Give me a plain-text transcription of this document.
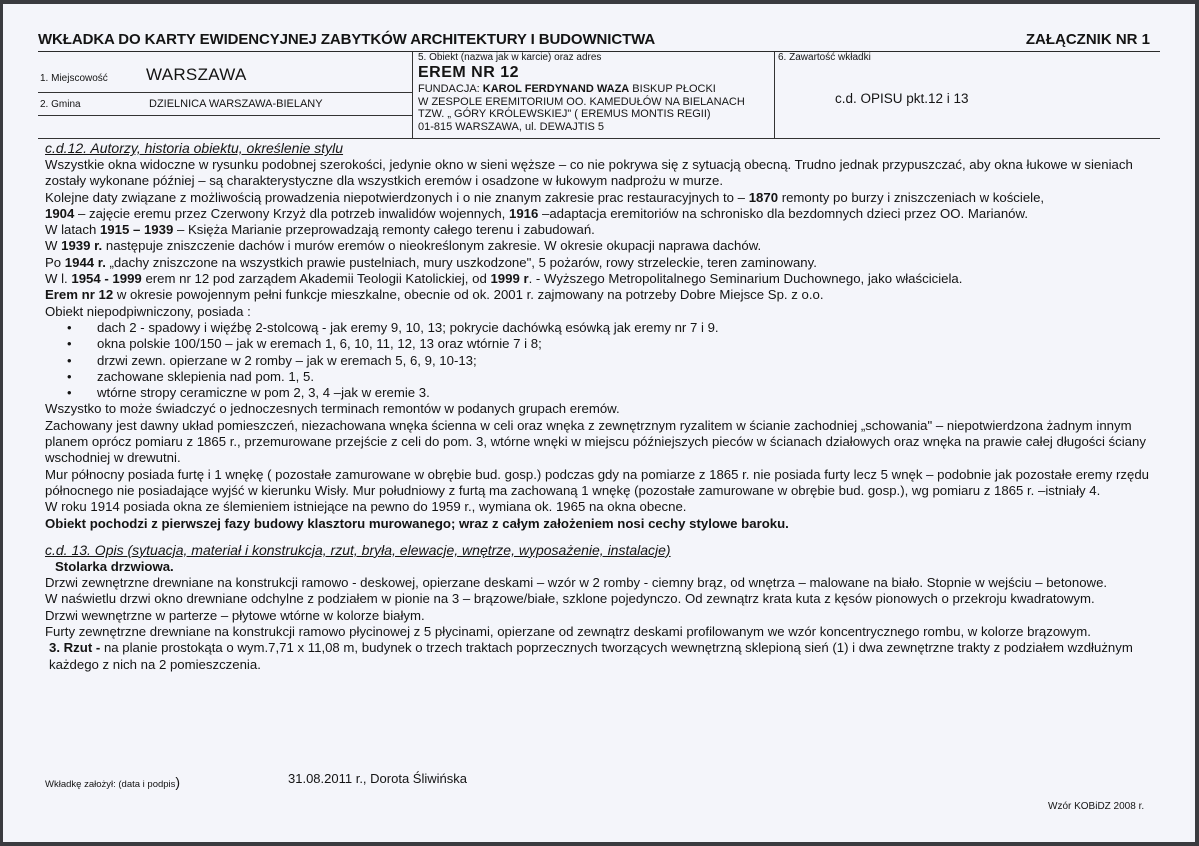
WKŁADKA DO KARTY EWIDENCYJNEJ ZABYTKÓW ARCHITEKTURY I BUDOWNICTWA	ZAŁĄCZNIK NR 1
1. Miejscowość WARSZAWA
2. Gmina	DZIELNICA WARSZAWA-BIELANY
5. Obiekt (nazwa jak w karcie) oraz adres
EREM NR 12
FUNDACJA: KAROL FERDYNAND WAZA BISKUP PŁOCKI
W ZESPOLE EREMITORIUM OO. KAMEDUŁÓW NA BIELANACH
TZW. „ GÓRY KRÓLEWSKIEJ" ( EREMUS MONTIS REGII)
01-815 WARSZAWA, ul. DEWAJTIS 5
6. Zawartość wkładki
c.d. OPISU pkt.12 i 13
c.d.12. Autorzy, historia obiektu, określenie stylu

Wszystkie okna widoczne w rysunku podobnej szerokości, jedynie okno w sieni węższe – co nie pokrywa się z sytuacją obecną. Trudno jednak przypuszczać, aby okna łukowe w sieniach zostały wykonane później – są charakterystyczne dla wszystkich eremów i osadzone w łukowym nadprożu w murze.

Kolejne daty związane z możliwością prowadzenia niepotwierdzonych i o nie znanym zakresie prac restauracyjnych to – 1870 remonty po burzy i zniszczeniach w kościele,
1904 – zajęcie eremu przez Czerwony Krzyż dla potrzeb inwalidów wojennych, 1916 –adaptacja eremitoriów na schronisko dla bezdomnych dzieci przez OO. Marianów.

W latach 1915 – 1939 – Księża Marianie przeprowadzają remonty całego terenu i zabudowań.

W 1939 r. następuje zniszczenie dachów i murów eremów o nieokreślonym zakresie. W okresie okupacji naprawa dachów.

Po 1944 r. „dachy zniszczone na wszystkich prawie pustelniach, mury uszkodzone", 5 pożarów, rowy strzeleckie, teren zaminowany.

W l. 1954 - 1999 erem nr 12 pod zarządem Akademii Teologii Katolickiej, od 1999 r. - Wyższego Metropolitalnego Seminarium Duchownego, jako właściciela.

Erem nr 12 w okresie powojennym pełni funkcje mieszkalne, obecnie od ok. 2001 r. zajmowany na potrzeby Dobre Miejsce Sp. z o.o.

Obiekt niepodpiwniczony, posiada :

• dach 2 - spadowy i więźbę 2-stolcową - jak eremy 9, 10, 13; pokrycie dachówką esówką jak eremy nr 7 i 9.
• okna polskie 100/150 – jak w eremach 1, 6, 10, 11, 12, 13 oraz wtórnie 7 i 8;
• drzwi zewn. opierzane w 2 romby – jak w eremach 5, 6, 9, 10-13;
• zachowane sklepienia nad pom. 1, 5.
• wtórne stropy ceramiczne w pom 2, 3, 4 –jak w eremie 3.

Wszystko to może świadczyć o jednoczesnych terminach remontów w podanych grupach eremów.

Zachowany jest dawny układ pomieszczeń, niezachowana wnęka ścienna w celi oraz wnęka z zewnętrznym ryzalitem w ścianie zachodniej „schowania" – niepotwierdzona żadnym innym planem oprócz pomiaru z 1865 r., przemurowane przejście z celi do pom. 3, wtórne wnęki w miejscu późniejszych pieców w ścianach działowych oraz wnęka na prawie całej długości ściany wschodniej w drewutni.

Mur północny posiada furtę i 1 wnękę ( pozostałe zamurowane w obrębie bud. gosp.) podczas gdy na pomiarze z 1865 r. nie posiada furty lecz 5 wnęk – podobnie jak pozostałe eremy rzędu północnego nie posiadające wyjść w kierunku Wisły. Mur południowy z furtą ma zachowaną 1 wnękę (pozostałe zamurowane w obrębie bud. gosp.), wg pomiaru z 1865 r. –istniały 4.

W roku 1914 posiada okna ze ślemieniem istniejące na pewno do 1959 r., wymiana ok. 1965 na okna obecne.

Obiekt pochodzi z pierwszej fazy budowy klasztoru murowanego; wraz z całym założeniem nosi cechy stylowe baroku.

c.d. 13. Opis (sytuacja, materiał i konstrukcja, rzut, bryła, elewacje, wnętrze, wyposażenie, instalacje)

Stolarka drzwiowa.

Drzwi zewnętrzne drewniane na konstrukcji ramowo - deskowej, opierzane deskami – wzór w 2 romby - ciemny brąz, od wnętrza – malowane na biało. Stopnie w wejściu – betonowe.

W naświetlu drzwi okno drewniane odchylne z podziałem w pionie na 3 – brązowe/białe, szklone pojedynczo. Od zewnątrz krata kuta z kęsów pionowych o przekroju kwadratowym.

Drzwi wewnętrzne w parterze – płytowe wtórne w kolorze białym.

Furty zewnętrzne drewniane na konstrukcji ramowo płycinowej z 5 płycinami, opierzane od zewnątrz deskami profilowanym we wzór koncentrycznego rombu, w kolorze brązowym.

3. Rzut - na planie prostokąta o wym.7,71 x 11,08 m, budynek o trzech traktach poprzecznych tworzących wewnętrzną sklepioną sień (1) i dwa zewnętrzne trakty z podziałem wzdłużnym każdego z nich na 2 pomieszczenia.

Wkładkę założył: (data i podpis)	31.08.2011 r., Dorota Śliwińska
Wzór KOBiDZ 2008 r.
